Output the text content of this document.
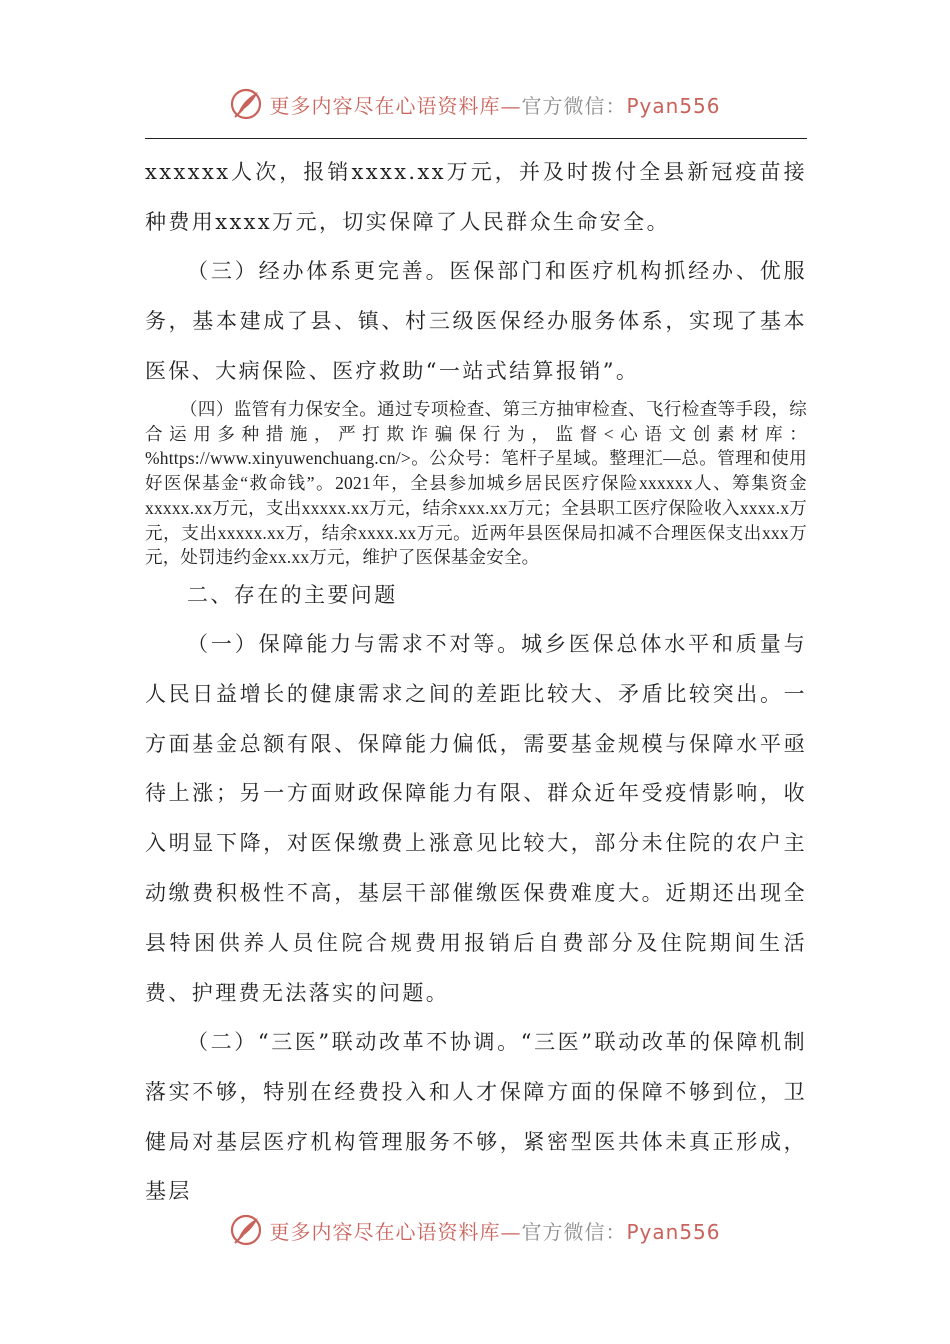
更多内容尽在心语资料库—官方微信：Pyan556

xxxxxx人次，报销xxxx.xx万元，并及时拨付全县新冠疫苗接种费用xxxx万元，切实保障了人民群众生命安全。

（三）经办体系更完善。医保部门和医疗机构抓经办、优服务，基本建成了县、镇、村三级医保经办服务体系，实现了基本医保、大病保险、医疗救助“一站式结算报销”。

（四）监管有力保安全。通过专项检查、第三方抽审检查、飞行检查等手段，综合运用多种措施，严打欺诈骗保行为，监督<心语文创素材库：%https://www.xinyuwenchuang.cn/>。公众号：笔杆子星域。整理汇—总。管理和使用好医保基金“救命钱”。2021年，全县参加城乡居民医疗保险xxxxxx人、筹集资金xxxxx.xx万元，支出xxxxx.xx万元，结余xxx.xx万元；全县职工医疗保险收入xxxx.x万元，支出xxxxx.xx万，结余xxxx.xx万元。近两年县医保局扣减不合理医保支出xxx万元，处罚违约金xx.xx万元，维护了医保基金安全。

二、存在的主要问题

（一）保障能力与需求不对等。城乡医保总体水平和质量与人民日益增长的健康需求之间的差距比较大、矛盾比较突出。一方面基金总额有限、保障能力偏低，需要基金规模与保障水平亟待上涨；另一方面财政保障能力有限、群众近年受疫情影响，收入明显下降，对医保缴费上涨意见比较大，部分未住院的农户主动缴费积极性不高，基层干部催缴医保费难度大。近期还出现全县特困供养人员住院合规费用报销后自费部分及住院期间生活费、护理费无法落实的问题。

（二）“三医”联动改革不协调。“三医”联动改革的保障机制落实不够，特别在经费投入和人才保障方面的保障不够到位，卫健局对基层医疗机构管理服务不够，紧密型医共体未真正形成，基层

更多内容尽在心语资料库—官方微信：Pyan556
